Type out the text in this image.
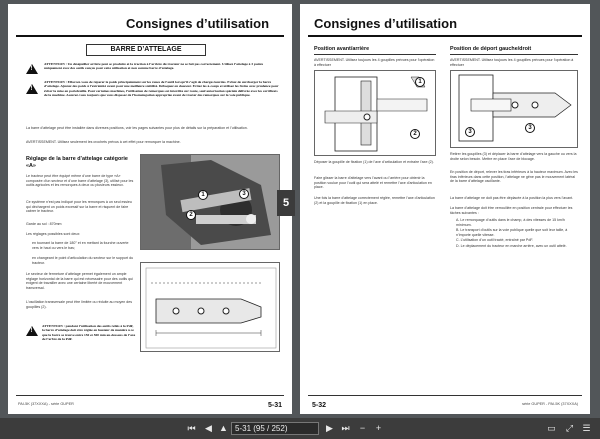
Consignes d’utilisation
BARRE D’ATTELAGE
!
ATTENTION : Un désépuiller arrière peut se produire et la traction à l’arrière du tracteur ne se fait pas correctement. Utilisez l’attelage à 3 points uniquement avec des outils conçus pour cette utilisation et non comme barre d’attelage.
!
ATTENTION : Efforcez-vous de réparer le poids principalement sur les roues de l’outil lorsqu’il s’agit de charges lourdes. Evitez de surcharger la barre d’attelage. Ajustez des poids à l’extrémité avant pour une meilleure stabilité. Déboquez en douceur. Evitez les à-coups et utilisez les freins avec prudence pour éviter la mise en portefeuille. Pour certaines machines, l’utilisation de remorques est interdite sur route, sauf autorisation spéciale délivrée avec les certificats de la machine. Assurez-vous toujours que vous disposez de l’homologation appropriée avant de tracter des remorques sur la voie publique.
La barre d’attelage peut être installée dans diverses positions, voir les pages suivantes pour plus de détails sur la préparation et l’utilisation.
AVERTISSEMENT. Utilisez seulement les crochets prévus à cet effet pour remorquer la machine.
Réglage de la barre d’attelage catégorie «A»
Le tracteur peut être équipé même d’une barre de type «A» composée d’un secteur et d’une barre d’attelage (3), utilisé pour les outils agricoles et les remorques à deux ou plusieurs essieux.
Ce système n’est pas indiqué pour les remorques à un seul essieu qui déchargent un poids excessif sur la barre et risquent de faire cabrer le tracteur.
Garde au sol : 870mm
Les réglages possibles sont deux:
en tournant la barre de 180° et en mettant la fourche ouverte vers le haut ou vers le bas;
en changeant le point d’articulation du secteur sur le support du tracteur.
Le secteur de fermeture d’attelage permet également un ample réglage horizontal de la barre qui est nécessaire pour des outils qui exigent de travailler avec une certaine liberté de mouvement transversal.
L’oscillation transversale peut être limitée ou réduite au moyen des goupilles (2).
!
ATTENTION : pendant l’utilisation des outils reliés à la PdF, la barre d’attelage doit être réglée en hauteur de manière à ce que la barre se trouve entre 150 et 500 mm au-dessous de l’axe de l’arbre de la PdF.
1
2
3
PAI-5K (37XXXA) - série GUPER	5-31
5
Consignes d’utilisation
Position avant/arrière
AVERTISSEMENT. Utilisez toujours les 4 goupilles prévues pour l’opération à effectuer
1
2
Déposer la goupille de fixation (1) de l’axe d’articulation et extraire l’axe (2).
Faire glisser la barre d’attelage vers l’avant ou l’arrière pour obtenir la position voulue pour l’outil qui sera attelé et remettre l’axe d’articulation en place.
Une fois la barre d’attelage correctement réglée, remettre l’axe d’articulation (2) et la goupille de fixation (1) en place.
Position de déport gauche/droit
AVERTISSEMENT. Utilisez toujours les 4 goupilles prévues pour l’opération à effectuer
3
3
Retirer les goupilles (3) et déplacer la barre d’attelage vers la gauche ou vers la droite selon besoin. Mettre en place l’axe de blocage.
En position de déport, relever les tiras inférieurs à la hauteur maximum. Avec les tiras inférieurs dans cette position, l’attelage ne gêne pas le mouvement latéral de la barre d’attelage oscillante.
La barre d’attelage ne doit pas être déplacée à la position la plus vers l’avant.
La barre d’attelage doit être verrouillée en position centrale pour effectuer les tâches suivantes :
A. Le remorquage d’outils dans le champ, à des vitesses de 15 km/h minimum.
B. Le transport d’outils sur la voie publique quelle que soit leur taille, à n’importe quelle vitesse.
C. L’utilisation d’un outil tracté, entraîné par PdF.
D. Le déplacement du tracteur en marche arrière, avec un outil attelé.
5-32	série GUPER - PAI-5K (37XXXA)
⏮	◀ ▲ 5-31 (95 / 252)	▶ ⏭	−	+	▭	⤢	☰
